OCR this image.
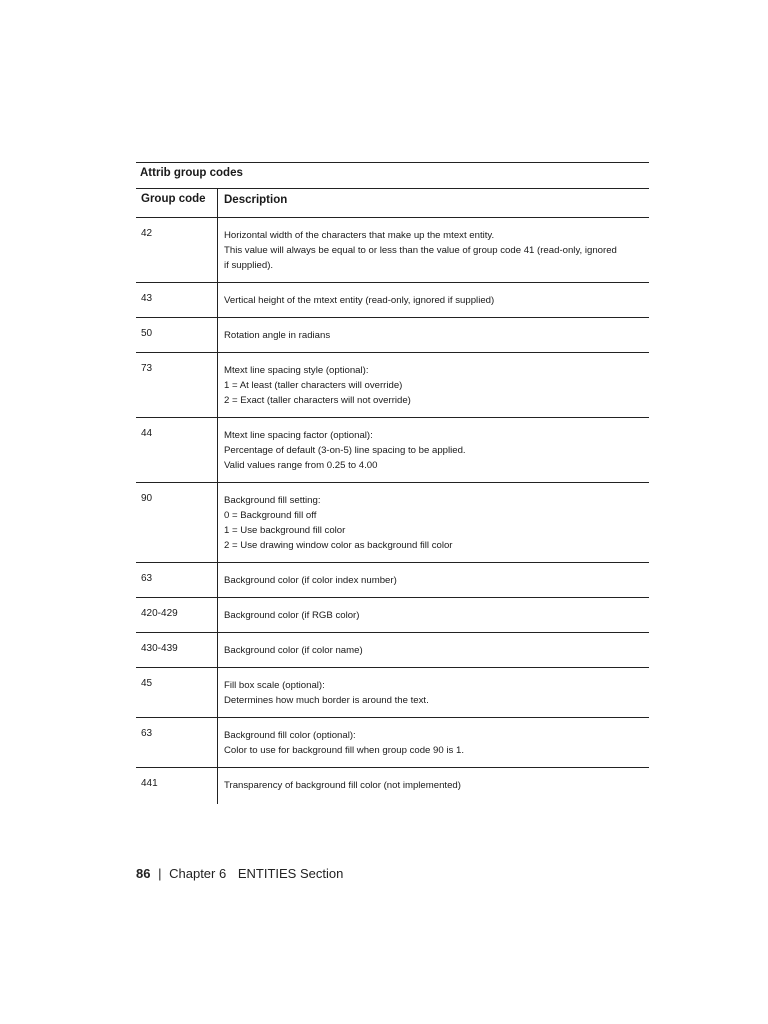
Attrib group codes
Group code	Description
42	Horizontal width of the characters that make up the mtext entity.
This value will always be equal to or less than the value of group code 41 (read-only, ignored
if supplied).
43	Vertical height of the mtext entity (read-only, ignored if supplied)
50	Rotation angle in radians
73	Mtext line spacing style (optional):
1 = At least (taller characters will override)
2 = Exact (taller characters will not override)
44	Mtext line spacing factor (optional):
Percentage of default (3-on-5) line spacing to be applied.
Valid values range from 0.25 to 4.00
90	Background fill setting:
0 = Background fill off
1 = Use background fill color
2 = Use drawing window color as background fill color
63	Background color (if color index number)
420-429	Background color (if RGB color)
430-439	Background color (if color name)
45	Fill box scale (optional):
Determines how much border is around the text.
63	Background fill color (optional):
Color to use for background fill when group code 90 is 1.
441	Transparency of background fill color (not implemented)
86 | Chapter 6 ENTITIES Section
